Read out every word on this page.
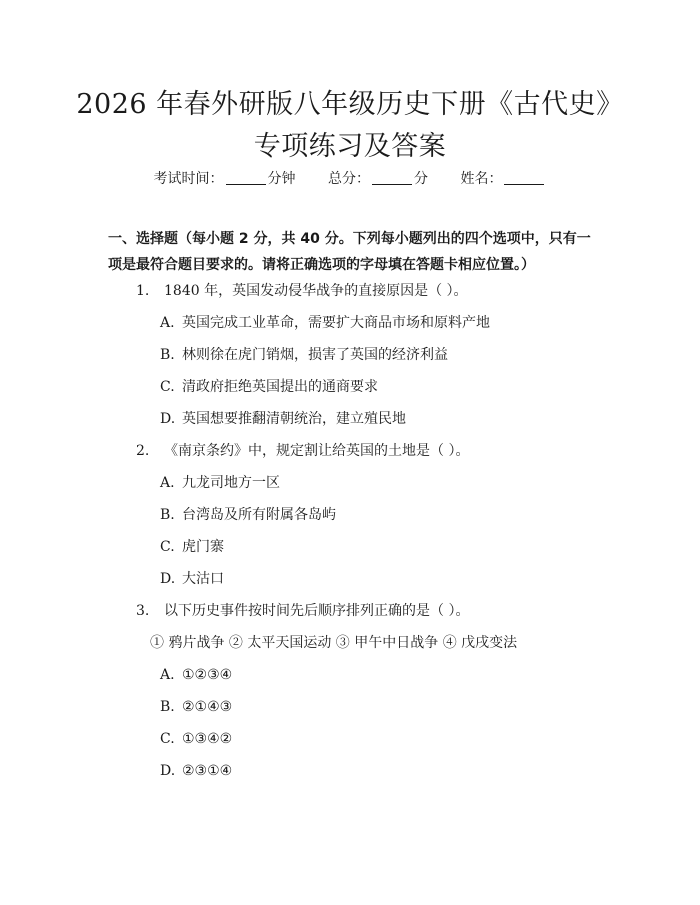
2026 年春外研版八年级历史下册《古代史》
专项练习及答案
考试时间：	分钟 总分：	分 姓名：
一、选择题（每小题 2 分，共 40 分。下列每小题列出的四个选项中，只有一项是最符合题目要求的。请将正确选项的字母填在答题卡相应位置。）
1. 1840 年，英国发动侵华战争的直接原因是（ ）。
A. 英国完成工业革命，需要扩大商品市场和原料产地
B. 林则徐在虎门销烟，损害了英国的经济利益
C. 清政府拒绝英国提出的通商要求
D. 英国想要推翻清朝统治，建立殖民地
2. 《南京条约》中，规定割让给英国的土地是（ ）。
A. 九龙司地方一区
B. 台湾岛及所有附属各岛屿
C. 虎门寨
D. 大沽口
3. 以下历史事件按时间先后顺序排列正确的是（ ）。
① 鸦片战争 ② 太平天国运动 ③ 甲午中日战争 ④ 戊戌变法
A. ①②③④
B. ②①④③
C. ①③④②
D. ②③①④
